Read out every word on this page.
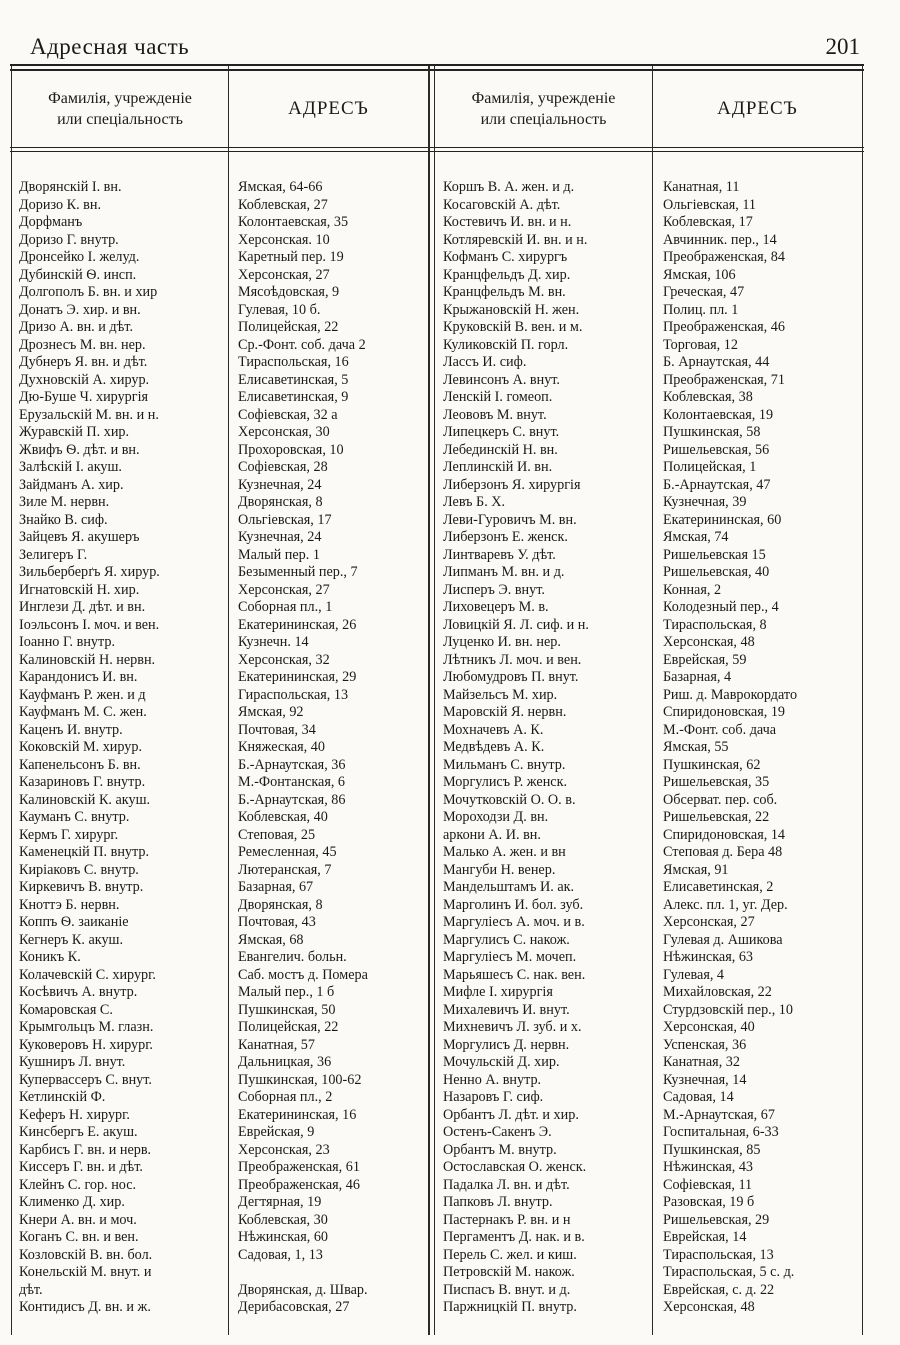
Адресная часть	201
Фамилія, учрежденіе
или спеціальность
АДРЕСЪ	Фамилія, учрежденіе
или спеціальность
АДРЕСЪ
Дворянскій І. вн.
Доризо К. вн.
Дорфманъ
Доризо Г. внутр.
Дронсейко І. желуд.
Дубинскій Ѳ. инсп.
Долгополъ Б. вн. и хир
Донатъ Э. хир. и вн.
Дризо А. вн. и дѣт.
Дрознесъ М. вн. нер.
Дубнеръ Я. вн. и дѣт.
Духновскій А. хирур.
Дю-Буше Ч. хирургія
Ерузальскій М. вн. и н.
Журавскій П. хир.
Жвифъ Ѳ. дѣт. и вн.
Залѣскій І. акуш.
Зайдманъ А. хир.
Зиле М. нервн.
Знайко В. сиф.
Зайцевъ Я. акушеръ
Зелигеръ Г.
Зильберберґъ Я. хирур.
Игнатовскій Н. хир.
Инглези Д. дѣт. и вн.
Іоэльсонъ І. моч. и вен.
Іоанно Г. внутр.
Калиновскій Н. нервн.
Карандонисъ И. вн.
Кауфманъ Р. жен. и д
Кауфманъ М. С. жен.
Каценъ И. внутр.
Коковскій М. хирур.
Капенельсонъ Б. вн.
Казариновъ Г. внутр.
Калиновскій К. акуш.
Кауманъ С. внутр.
Кермъ Г. хирург.
Каменецкій П. внутр.
Киріаковъ С. внутр.
Киркевичъ В. внутр.
Кноттэ Б. нервн.
Коппъ Ѳ. заиканіе
Кегнеръ К. акуш.
Коникъ К.
Колачевскій С. хирург.
Косѣвичъ А. внутр.
Комаровская С.
Крымгольцъ М. глазн.
Куковеровъ Н. хирург.
Кушниръ Л. внут.
Купервассеръ С. внут.
Кетлинскій Ф.
Keферъ Н. хирург.
Кинсбергъ Е. акуш.
Карбисъ Г. вн. и нерв.
Киссеръ Г. вн. и дѣт.
Клейнъ С. гор. нос.
Клименко Д. хир.
Кнери А. вн. и моч.
Коганъ С. вн. и вен.
Козловскій В. вн. бол.
Конельскій М. внут. и
дѣт.
Контидисъ Д. вн. и ж.
Ямская, 64-66
Коблевская, 27
Колонтаевская, 35
Херсонская. 10
Каретный пер. 19
Херсонская, 27
Мясоѣдовская, 9
Гулевая, 10 б.
Полицейская, 22
Ср.-Фонт. соб. дача 2
Тираспольская, 16
Елисаветинская, 5
Елисаветинская, 9
Софіевская, 32 а
Херсонская, 30
Прохоровская, 10
Софіевская, 28
Кузнечная, 24
Дворянская, 8
Ольгіевская, 17
Кузнечная, 24
Малый пер. 1
Безыменный пер., 7
Херсонская, 27
Соборная пл., 1
Екатерининская, 26
Кузнечн. 14
Херсонская, 32
Екатерининская, 29
Гираспольская, 13
Ямская, 92
Почтовая, 34
Княжеская, 40
Б.-Арнаутская, 36
М.-Фонтанская, 6
Б.-Арнаутская, 86
Коблевская, 40
Степовая, 25
Ремесленная, 45
Лютеранская, 7
Базарная, 67
Дворянская, 8
Почтовая, 43
Ямская, 68
Евангелич. больн.
Саб. мостъ д. Помера
Малый пер., 1 б
Пушкинская, 50
Полицейская, 22
Канатная, 57
Дальницкая, 36
Пушкинская, 100-62
Соборная пл., 2
Екатерининская, 16
Еврейская, 9
Херсонская, 23
Преображенская, 61
Преображенская, 46
Дегтярная, 19
Коблевская, 30
Нѣжинская, 60
Садовая, 1, 13
Дворянская, д. Швар.
Дерибасовская, 27
Коршъ В. А. жен. и д.
Косаговскій А. дѣт.
Костевичъ И. вн. и н.
Котляревскій И. вн. и н.
Кофманъ С. хирургъ
Кранцфельдъ Д. хир.
Кранцфельдъ М. вн.
Крыжановскій Н. жен.
Круковскій В. вен. и м.
Куликовскій П. горл.
Лассъ И. сиф.
Левинсонъ А. внут.
Ленскій І. гомеоп.
Леововъ М. внут.
Липецкеръ С. внут.
Лебединскій Н. вн.
Леплинскій И. вн.
Либерзонъ Я. хирургія
Левъ Б. Х.
Леви-Гуровичъ М. вн.
Либерзонъ Е. женск.
Линтваревъ У. дѣт.
Липманъ М. вн. и д.
Лисперъ Э. внут.
Лиховецеръ М. в.
Ловицкій Я. Л. сиф. и н.
Луценко И. вн. нер.
Лѣтникъ Л. моч. и вен.
Любомудровъ П. внут.
Майзельсъ М. хир.
Маровскій Я. нервн.
Мохначевъ А. К.
Медвѣдевъ А. К.
Мильманъ С. внутр.
Моргулисъ Р. женск.
Мочутковскій О. О. в.
Мороходзи Д. вн.
аркони А. И. вн.
Малько А. жен. и вн
Мангуби Н. венер.
Мандельштамъ И. ак.
Марголинъ И. бол. зуб.
Маргуліесъ А. моч. и в.
Маргулисъ С. накож.
Маргуліесъ М. мочеп.
Марьяшесъ С. нак. вен.
Мифле І. хирургія
Михалевичъ И. внут.
Михневичъ Л. зуб. и х.
Моргулисъ Д. нервн.
Мочульскій Д. хир.
Ненно А. внутр.
Назаровъ Г. сиф.
Орбантъ Л. дѣт. и хир.
Остенъ-Сакенъ Э.
Орбантъ М. внутр.
Остославская О. женск.
Падалка Л. вн. и дѣт.
Папковъ Л. внутр.
Пастернакъ Р. вн. и н
Пергаментъ Д. нак. и в.
Перель С. жел. и киш.
Петровскій М. накож.
Пиcпасъ В. внут. и д.
Паржницкій П. внутр.
Канатная, 11
Ольгіевская, 11
Коблевская, 17
Авчинник. пер., 14
Преображенская, 84
Ямская, 106
Греческая, 47
Полиц. пл. 1
Преображенская, 46
Торговая, 12
Б. Арнаутская, 44
Преображенская, 71
Коблевская, 38
Колонтаевская, 19
Пушкинская, 58
Ришельевская, 56
Полицейская, 1
Б.-Арнаутская, 47
Кузнечная, 39
Екатерининская, 60
Ямская, 74
Ришельевская 15
Ришельевская, 40
Конная, 2
Колодезный пер., 4
Тираспольская, 8
Херсонская, 48
Еврейская, 59
Базарная, 4
Риш. д. Маврокордато
Спиридоновская, 19
М.-Фонт. соб. дача
Ямская, 55
Пушкинская, 62
Ришельевская, 35
Обсерват. пер. соб.
Ришельевская, 22
Спиридоновская, 14
Степовая д. Бера 48
Ямская, 91
Елисаветинская, 2
Алекс. пл. 1, уг. Дер.
Херсонская, 27
Гулевая д. Ашикова
Нѣжинская, 63
Гулевая, 4
Михайловская, 22
Стурдзовскій пер., 10
Херсонская, 40
Успенская, 36
Канатная, 32
Кузнечная, 14
Садовая, 14
М.-Арнаутская, 67
Госпитальная, 6-33
Пушкинская, 85
Нѣжинская, 43
Софіевская, 11
Разовская, 19 б
Ришельевская, 29
Еврейская, 14
Тираспольская, 13
Тираспольская, 5 с. д.
Еврейская, с. д. 22
Херсонская, 48
